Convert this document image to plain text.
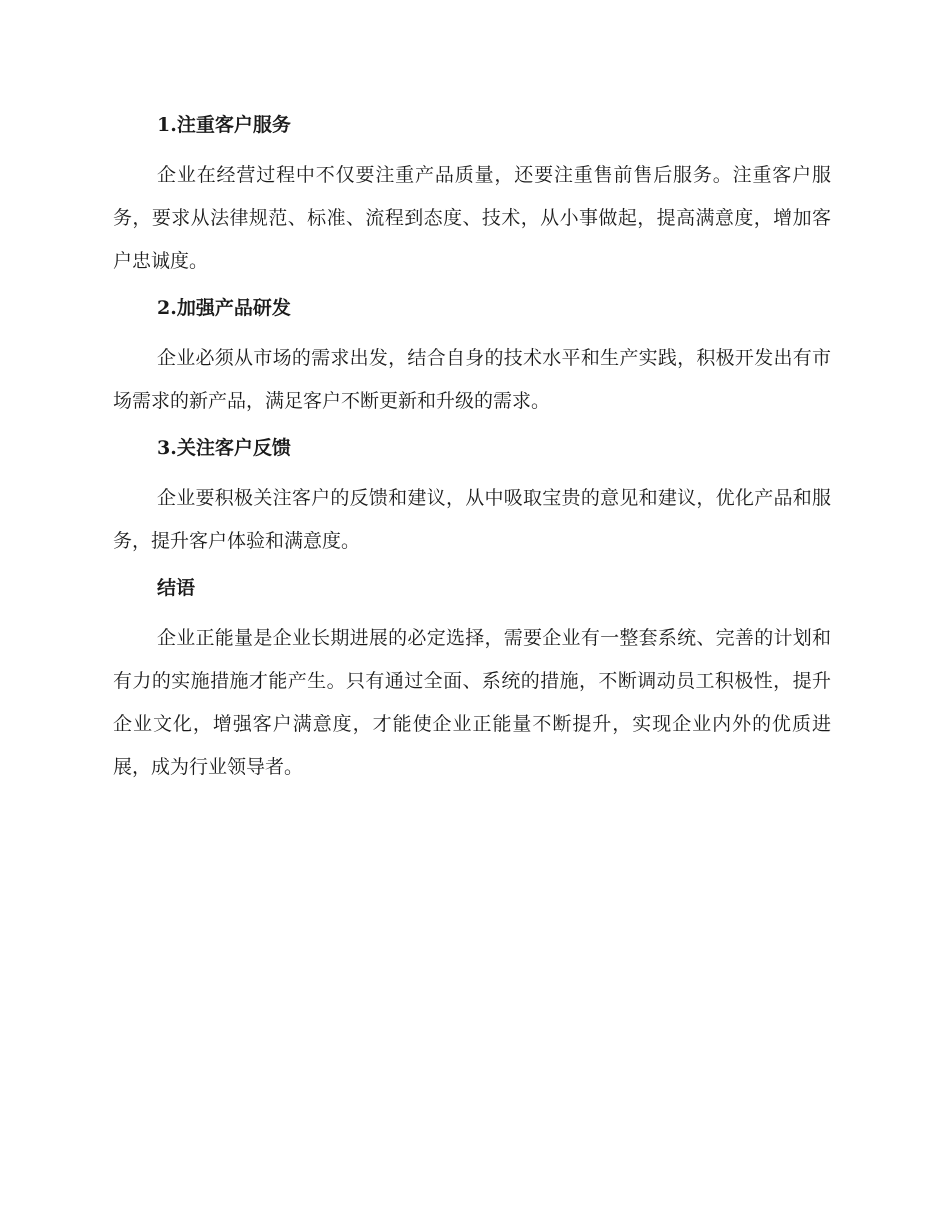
1.注重客户服务

企业在经营过程中不仅要注重产品质量，还要注重售前售后服务。注重客户服务，要求从法律规范、标准、流程到态度、技术，从小事做起，提高满意度，增加客户忠诚度。

2.加强产品研发

企业必须从市场的需求出发，结合自身的技术水平和生产实践，积极开发出有市场需求的新产品，满足客户不断更新和升级的需求。

3.关注客户反馈

企业要积极关注客户的反馈和建议，从中吸取宝贵的意见和建议，优化产品和服务，提升客户体验和满意度。

结语

企业正能量是企业长期进展的必定选择，需要企业有一整套系统、完善的计划和有力的实施措施才能产生。只有通过全面、系统的措施，不断调动员工积极性，提升企业文化，增强客户满意度，才能使企业正能量不断提升，实现企业内外的优质进展，成为行业领导者。
